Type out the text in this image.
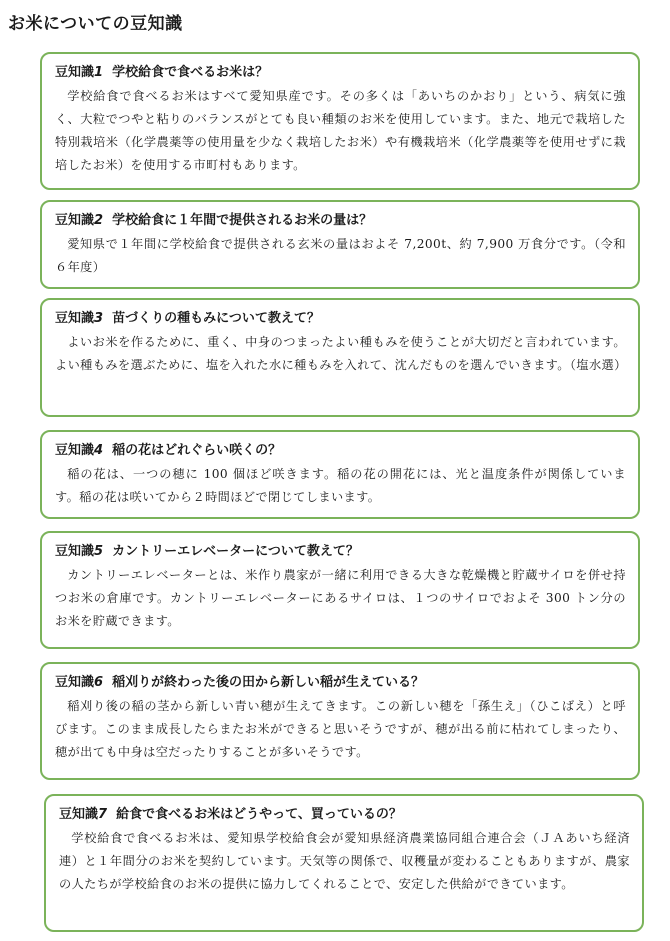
お米についての豆知識
豆知識1 学校給食で食べるお米は？

学校給食で食べるお米はすべて愛知県産です。その多くは「あいちのかおり」という、病気に強く、大粒でつやと粘りのバランスがとても良い種類のお米を使用しています。また、地元で栽培した特別栽培米（化学農薬等の使用量を少なく栽培したお米）や有機栽培米（化学農薬等を使用せずに栽培したお米）を使用する市町村もあります。

豆知識2 学校給食に１年間で提供されるお米の量は？

愛知県で１年間に学校給食で提供される玄米の量はおよそ 7,200t、約 7,900 万食分です。（令和６年度）

豆知識3 苗づくりの種もみについて教えて？

よいお米を作るために、重く、中身のつまったよい種もみを使うことが大切だと言われています。よい種もみを選ぶために、塩を入れた水に種もみを入れて、沈んだものを選んでいきます。（塩水選）

豆知識4 稲の花はどれぐらい咲くの？

稲の花は、一つの穂に 100 個ほど咲きます。稲の花の開花には、光と温度条件が関係しています。稲の花は咲いてから２時間ほどで閉じてしまいます。

豆知識5 カントリーエレベーターについて教えて？

カントリーエレベーターとは、米作り農家が一緒に利用できる大きな乾燥機と貯蔵サイロを併せ持つお米の倉庫です。カントリーエレベーターにあるサイロは、１つのサイロでおよそ 300 トン分のお米を貯蔵できます。

豆知識6 稲刈りが終わった後の田から新しい稲が生えている？

稲刈り後の稲の茎から新しい青い穂が生えてきます。この新しい穂を「孫生え」（ひこばえ）と呼びます。このまま成長したらまたお米ができると思いそうですが、穂が出る前に枯れてしまったり、穂が出ても中身は空だったりすることが多いそうです。

豆知識7 給食で食べるお米はどうやって、買っているの？

学校給食で食べるお米は、愛知県学校給食会が愛知県経済農業協同組合連合会（ＪＡあいち経済連）と１年間分のお米を契約しています。天気等の関係で、収穫量が変わることもありますが、農家の人たちが学校給食のお米の提供に協力してくれることで、安定した供給ができています。
